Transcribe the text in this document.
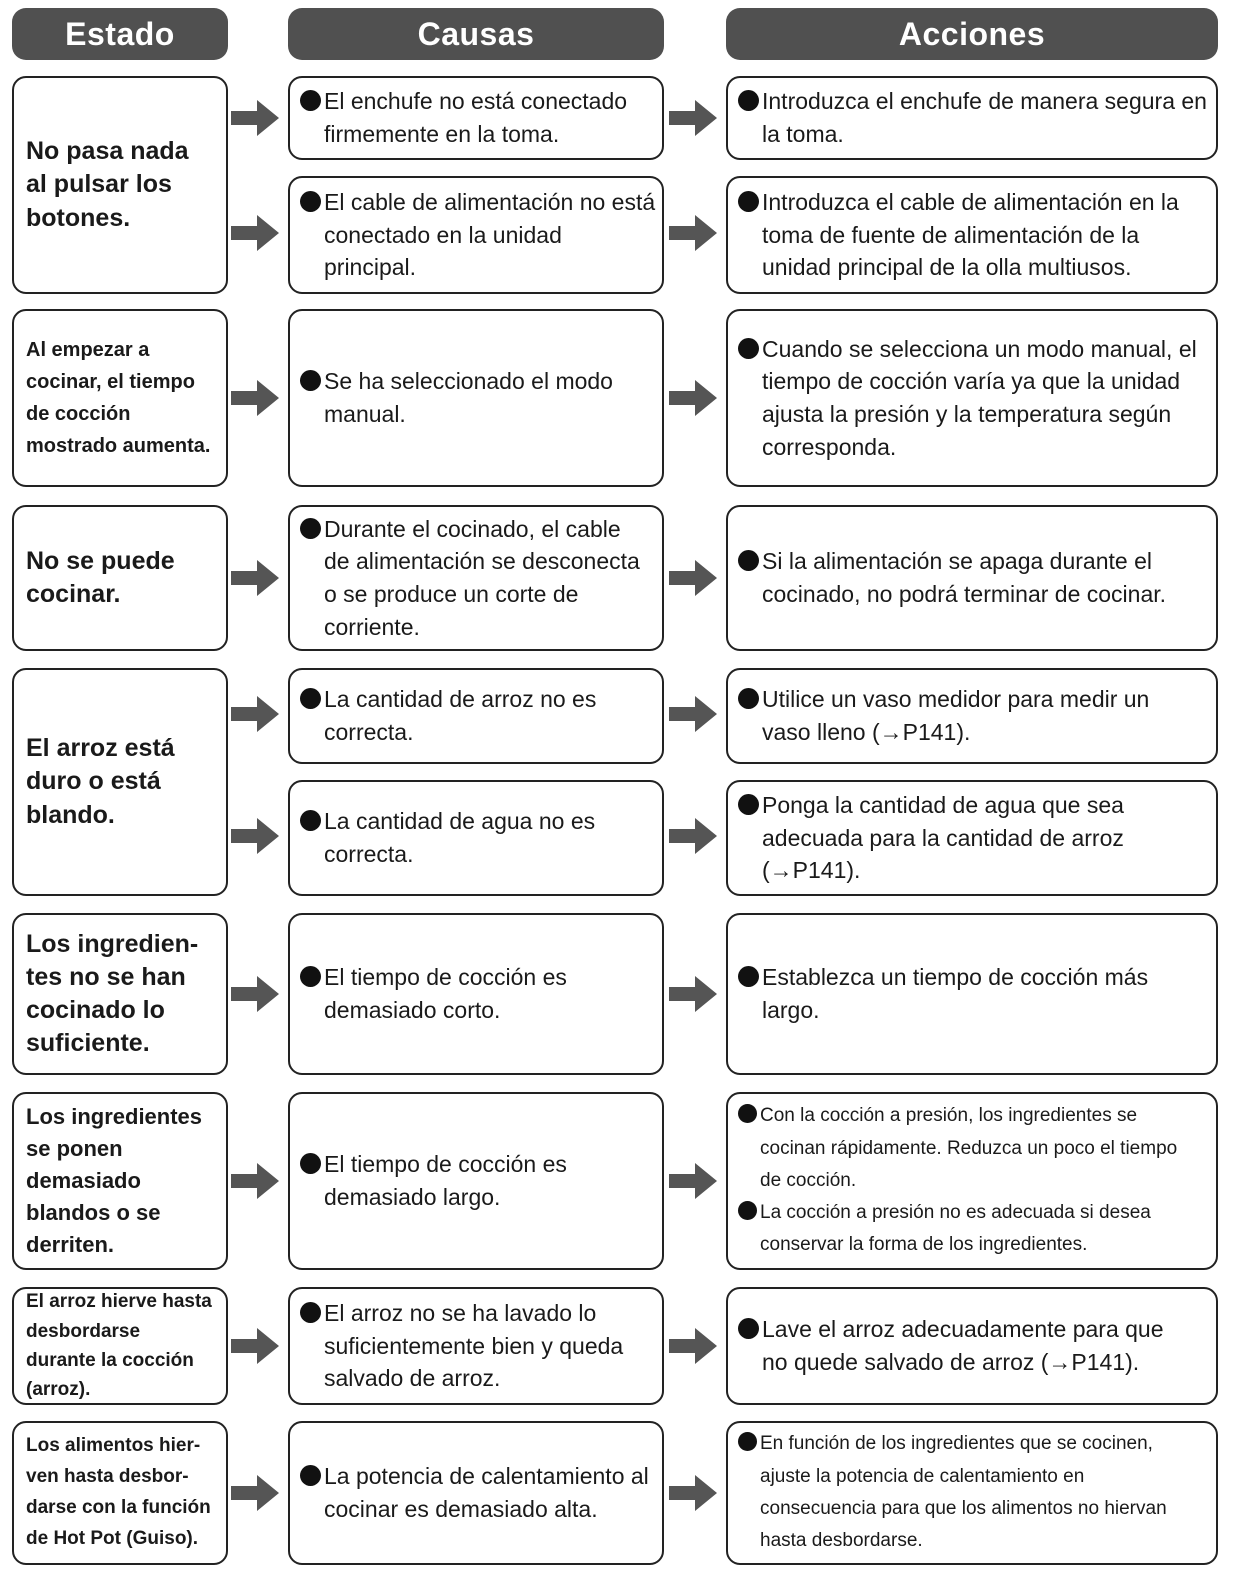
Estado	Causas	Acciones
No pasa nada al pulsar los botones.
El enchufe no está conectado firmemente en la toma.
El cable de alimentación no está conectado en la unidad principal.
Introduzca el enchufe de manera segura en la toma.
Introduzca el cable de alimentación en la toma de fuente de alimentación de la unidad principal de la olla multiusos.
Al empezar a cocinar, el tiempo de cocción mostrado aumenta.
Se ha seleccionado el modo manual.
Cuando se selecciona un modo manual, el tiempo de cocción varía ya que la unidad ajusta la presión y la temperatura según corresponda.
No se puede cocinar.
Durante el cocinado, el cable de alimentación se desconecta o se produce un corte de corriente.
Si la alimentación se apaga durante el cocinado, no podrá terminar de cocinar.
El arroz está duro o está blando.
La cantidad de arroz no es correcta.
La cantidad de agua no es correcta.
Utilice un vaso medidor para medir un vaso lleno (→P141).
Ponga la cantidad de agua que sea adecuada para la cantidad de arroz (→P141).
Los ingredien-tes no se han cocinado lo suficiente.
El tiempo de cocción es demasiado corto.
Establezca un tiempo de cocción más largo.
Los ingredientes se ponen demasiado blandos o se derriten.
El tiempo de cocción es demasiado largo.
Con la cocción a presión, los ingredientes se cocinan rápidamente. Reduzca un poco el tiempo de cocción.
La cocción a presión no es adecuada si desea conservar la forma de los ingredientes.
El arroz hierve hasta desbordarse durante la cocción (arroz).
El arroz no se ha lavado lo suficientemente bien y queda salvado de arroz.
Lave el arroz adecuadamente para que no quede salvado de arroz (→P141).
Los alimentos hier-ven hasta desbor-darse con la función de Hot Pot (Guiso).
La potencia de calentamiento al cocinar es demasiado alta.
En función de los ingredientes que se cocinen, ajuste la potencia de calentamiento en consecuencia para que los alimentos no hiervan hasta desbordarse.
